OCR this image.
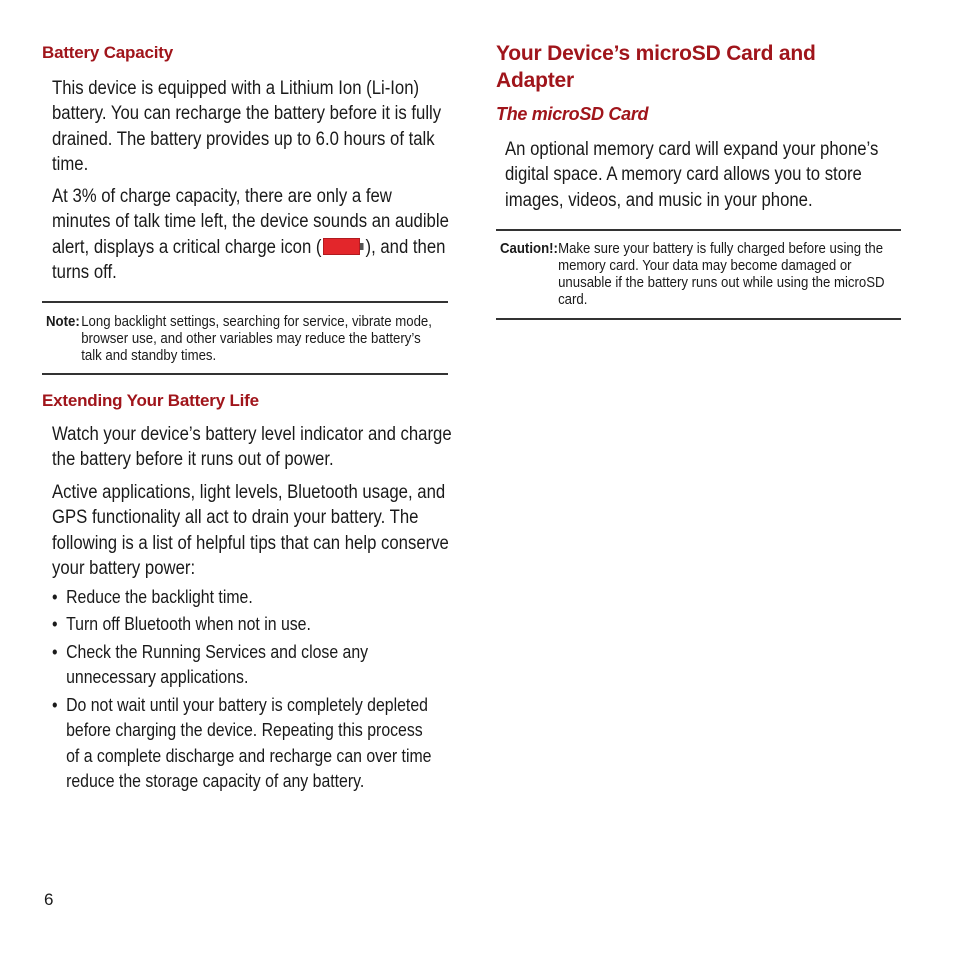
Battery Capacity
This device is equipped with a Lithium Ion (Li-Ion) battery. You can recharge the battery before it is fully drained. The battery provides up to 6.0 hours of talk time.
At 3% of charge capacity, there are only a few minutes of talk time left, the device sounds an audible alert, displays a critical charge icon ( ), and then turns off.
Note: Long backlight settings, searching for service, vibrate mode, browser use, and other variables may reduce the battery’s talk and standby times.
Extending Your Battery Life
Watch your device’s battery level indicator and charge the battery before it runs out of power.
Active applications, light levels, Bluetooth usage, and GPS functionality all act to drain your battery. The following is a list of helpful tips that can help conserve your battery power:
• Reduce the backlight time.
• Turn off Bluetooth when not in use.
• Check the Running Services and close any unnecessary applications.
• Do not wait until your battery is completely depleted before charging the device. Repeating this process of a complete discharge and recharge can over time reduce the storage capacity of any battery.
Your Device’s microSD Card and Adapter
The microSD Card
An optional memory card will expand your phone’s digital space. A memory card allows you to store images, videos, and music in your phone.
Caution!: Make sure your battery is fully charged before using the memory card. Your data may become damaged or unusable if the battery runs out while using the microSD card.
6
